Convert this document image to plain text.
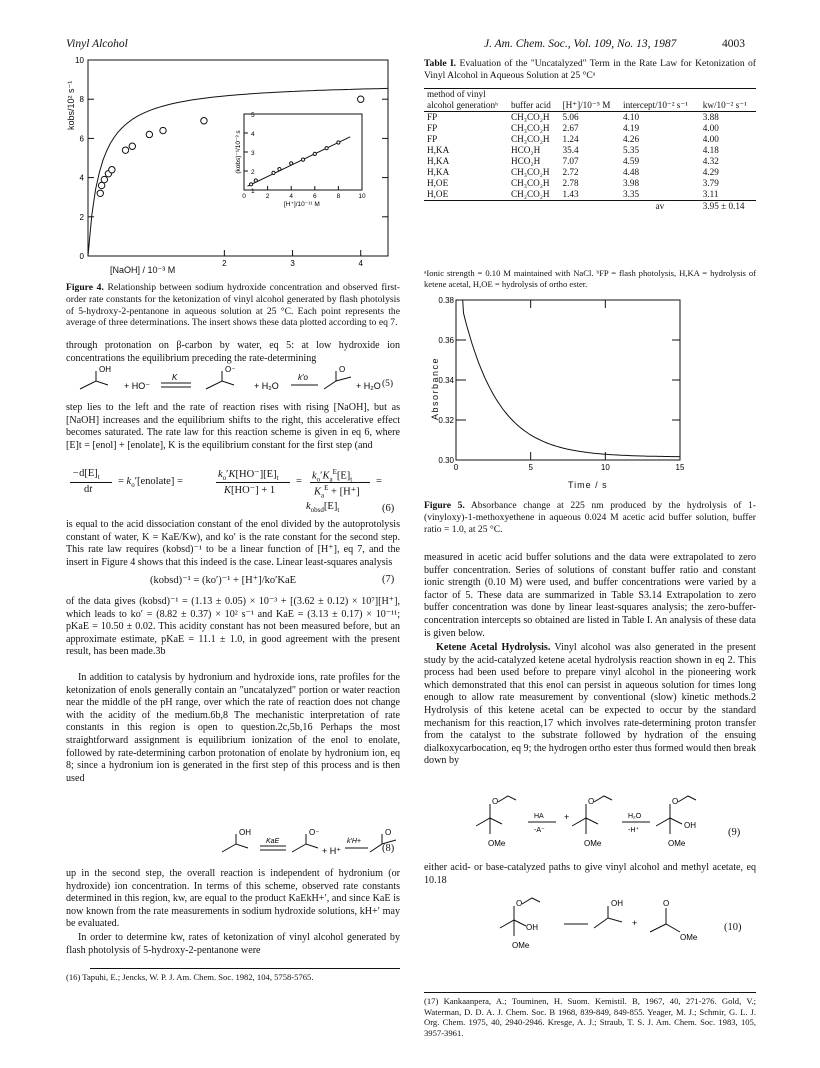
Vinyl Alcohol	J. Am. Chem. Soc., Vol. 109, No. 13, 1987	4003
0
2
4
6
8
10
2	3	4
1
2
3
4
5
0	2	4	6	8	10
[H⁺]/10⁻¹¹ M
(kobs)⁻¹/10⁻³ s
[NaOH] / 10⁻³ M
kobs/10² s⁻¹
Figure 4. Relationship between sodium hydroxide concentration and observed first-order rate constants for the ketonization of vinyl alcohol generated by flash photolysis of 5-hydroxy-2-pentanone in aqueous solution at 25 °C. Each point represents the average of three determinations. The insert shows these data plotted according to eq 7.

through protonation on β-carbon by water, eq 5: at low hydroxide ion concentrations the equilibrium preceding the rate-determining

OH
+ HO⁻
K
O⁻
+ H₂O
k′o
O
+ H₂O (5)

step lies to the left and the rate of reaction rises with rising [NaOH], but as [NaOH] increases and the equilibrium shifts to the right, this accelerative effect becomes saturated. The rate law for this reaction scheme is given in eq 6, where [E]t = [enol] + [enolate], K is the equilibrium constant for the first step (and

$-d[E]_t$
dt
= $k_o'[enolate]$ =
$k_o'K[HO^-][E]_t$
K[HO⁻] + 1
= $k_o'K_a^E[E]_t$
$K_a^E + [H^+]$
=
$k_{obsd}[E]_t$	(6)

is equal to the acid dissociation constant of the enol divided by the autoprotolysis constant of water, K = KaE/Kw), and ko′ is the rate constant for the second step. This rate law requires (kobsd)⁻¹ to be a linear function of [H⁺], eq 7, and the insert in Figure 4 shows that this indeed is the case. Linear least-squares analysis

(kobsd)⁻¹ = (ko′)⁻¹ + [H⁺]/ko′KaE	(7)

of the data gives (kobsd)⁻¹ = (1.13 ± 0.05) × 10⁻³ + [(3.62 ± 0.12) × 10⁷][H⁺], which leads to ko′ = (8.82 ± 0.37) × 10² s⁻¹ and KaE = (3.13 ± 0.17) × 10⁻¹¹; pKaE = 10.50 ± 0.02. This acidity constant has not been measured before, but an approximate estimate, pKaE = 11.1 ± 1.0, in good agreement with the present result, has been made.3b

In addition to catalysis by hydronium and hydroxide ions, rate profiles for the ketonization of enols generally contain an "uncatalyzed" portion or water reaction near the middle of the pH range, over which the rate of reaction does not change with the acidity of the medium.6b,8 The mechanistic interpretation of rate constants in this region is open to question.2c,5b,16 Perhaps the most straightforward assignment is equilibrium ionization of the enol to enolate, followed by rate-determining carbon protonation of enolate by hydronium ion, eq 8; since a hydronium ion is generated in the first step of this process and is then used

OH
KaE
O⁻
+ H⁺
k′H+
O
(8)

up in the second step, the overall reaction is independent of hydronium (or hydroxide) ion concentration. In terms of this scheme, observed rate constants determined in this region, kw, are equal to the product KaEkH+′, and since KaE is now known from the rate measurements in sodium hydroxide solutions, kH+′ may be evaluated.

In order to determine kw, rates of ketonization of vinyl alcohol generated by flash photolysis of 5-hydroxy-2-pentanone were

(16) Tapuhi, E.; Jencks, W. P. J. Am. Chem. Soc. 1982, 104, 5758-5765.
Table I. Evaluation of the "Uncatalyzed" Term in the Rate Law for Ketonization of Vinyl Alcohol in Aqueous Solution at 25 °Cᵃ
method of vinyl alcohol generationᵇ	buffer acid	[H⁺]/10⁻⁵ M	intercept/10⁻² s⁻¹	kw/10⁻² s⁻¹
FP	CH₃CO₂H	5.06	4.10	3.88
FP	CH₃CO₂H	2.67	4.19	4.00
FP	CH₃CO₂H	1.24	4.26	4.00
H,KA	HCO₂H	35.4	5.35	4.18
H,KA	HCO₂H	7.07	4.59	4.32
H,KA	CH₃CO₂H	2.72	4.48	4.29
H,OE	CH₃CO₂H	2.78	3.98	3.79
H,OE	CH₂CO₂H	1.43	3.35	3.11
			av	3.95 ± 0.14
ᵃIonic strength = 0.10 M maintained with NaCl. ᵇFP = flash photolysis, H,KA = hydrolysis of ketene acetal, H,OE = hydrolysis of ortho ester.
0.30
0.32
0.34
0.36
0.38
0	5	10	15
Absorbance
Time / s
Figure 5. Absorbance change at 225 nm produced by the hydrolysis of 1-(vinyloxy)-1-methoxyethene in aqueous 0.024 M acetic acid buffer solution, buffer ratio = 1.0, at 25 °C.

measured in acetic acid buffer solutions and the data were extrapolated to zero buffer concentration. Series of solutions of constant buffer ratio and constant ionic strength (0.10 M) were used, and buffer concentrations were varied by a factor of 5. These data are summarized in Table S3.14 Extrapolation to zero buffer concentration was done by linear least-squares analysis; the zero-buffer-concentration intercepts so obtained are listed in Table I. An analysis of these data is given below.

Ketene Acetal Hydrolysis. Vinyl alcohol was also generated in the present study by the acid-catalyzed ketene acetal hydrolysis reaction shown in eq 2. This process had been used before to prepare vinyl alcohol in the pioneering work which demonstrated that this enol can persist in aqueous solution for times long enough to allow rate measurement by conventional (slow) kinetic methods.2 Hydrolysis of this ketene acetal can be expected to occur by the standard mechanism for this reaction,17 which involves rate-determining proton transfer from the catalyst to the substrate followed by hydration of the ensuing dialkoxycarbocation, eq 9; the hydrogen ortho ester thus formed would then break down by

O
OMe
HA
-A⁻
+
O
OMe
H₂O
-H⁺
O
OH
OMe
(9)

either acid- or base-catalyzed paths to give vinyl alcohol and methyl acetate, eq 10.18

O
OH
OMe
OH
+
O
OMe
(10)
(17) Kankaanpera, A.; Touminen, H. Suom. Kemistil. B, 1967, 40, 271-276. Gold, V.; Waterman, D. D. A. J. Chem. Soc. B 1968, 839-849, 849-855. Yeager, M. J.; Schmir, G. L. J. Org. Chem. 1975, 40, 2940-2946. Kresge, A. J.; Straub, T. S. J. Am. Chem. Soc. 1983, 105, 3957-3961.
